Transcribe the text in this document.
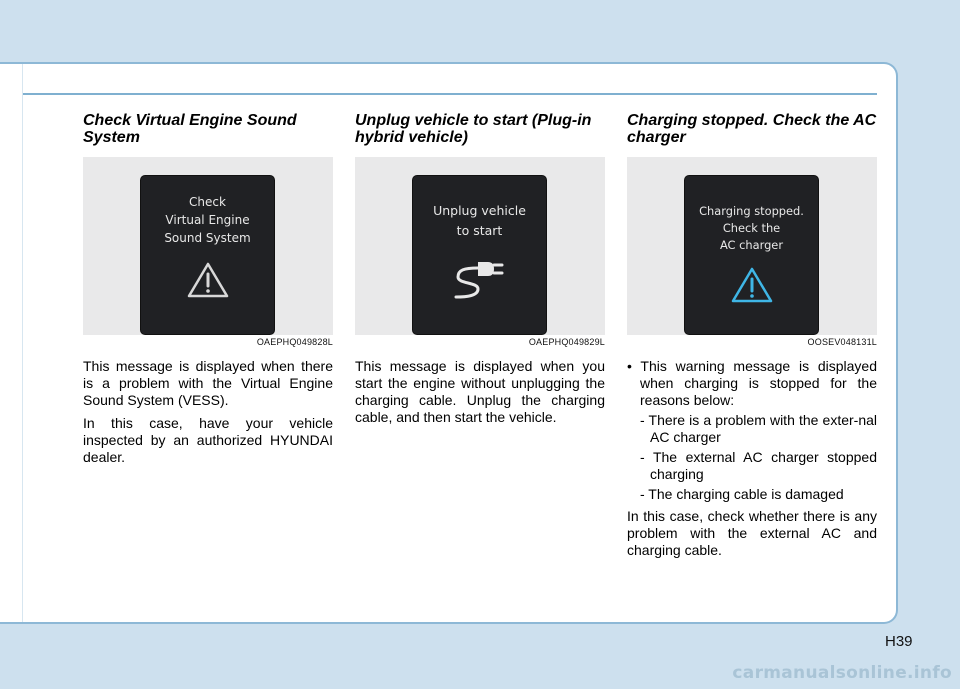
Check Virtual Engine Sound System
Check
Virtual Engine
Sound System
OAEPHQ049828L

This message is displayed when there is a problem with the Virtual Engine Sound System (VESS).

In this case, have your vehicle inspected by an authorized HYUNDAI dealer.

Unplug vehicle to start (Plug-in hybrid vehicle)
Unplug vehicle
to start
OAEPHQ049829L

This message is displayed when you start the engine without unplugging the charging cable. Unplug the charging cable, and then start the vehicle.

Charging stopped. Check the AC charger
Charging stopped.
Check the
AC charger
OOSEV048131L

• This warning message is displayed when charging is stopped for the reasons below:

- There is a problem with the exter-nal AC charger

- The external AC charger stopped charging

- The charging cable is damaged

In this case, check whether there is any problem with the external AC and charging cable.

H39
carmanualsonline.info
